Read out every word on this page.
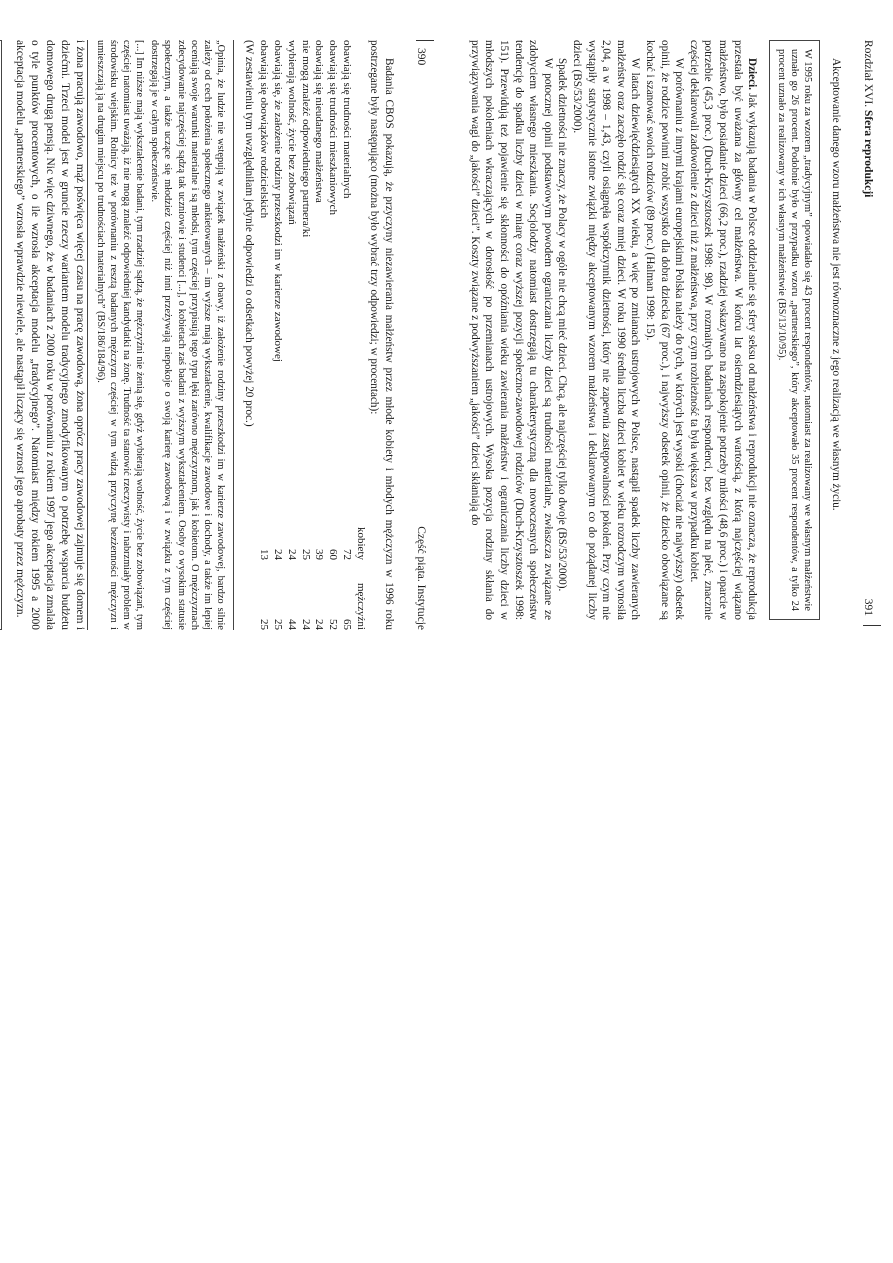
390
Część piąta. Instytucje

Badania CBOS pokazują, że przyczyny niezawierania małżeństw przez młode kobiety i młodych mężczyzn w 1996 roku postrzegane były następująco (można było wybrać trzy odpowiedzi; w procentach):

	kobiety	mężczyźni
obawiają się trudności materialnych	72	65
obawiają się trudności mieszkaniowych	60	52
obawiają się nieudanego małżeństwa	39	24
nie mogą znaleźć odpowiedniego partnera/ki	25	24
wybierają wolność, życie bez zobowiązań	24	44
obawiają się, że założenie rodziny przeszkodzi im w karierze zawodowej	24	25
obawiają się obowiązków rodzicielskich	13	25

(W zestawieniu tym uwzględniłam jedynie odpowiedzi o odsetkach powyżej 20 proc.)

„Opinia, że ludzie nie wstępują w związek małżeński z obawy, iż założenie rodziny przeszkodzi im w karierze zawodowej, bardzo silnie zależy od cech położenia społecznego ankietowanych – im wyższe mają wykształcenie, kwalifikacje zawodowe i dochody, a także im lepiej oceniają swoje warunki materialne i są młodsi, tym częściej przypisują tego typu lęki zarówno mężczyznom, jak i kobietom. O mężczyznach zdecydowanie najczęściej sądzą tak uczniowie i studenci [...], o kobietach zaś badani z wyższym wykształceniem. Osoby o wysokim statusie społecznym, a także uczące się młodzież częściej niż inni przeżywają niepokoje o swoją karierę zawodową i w związku z tym częściej dostrzegają je w całym społeczeństwie.

[...] Im niższe mają wykształcenie badani, tym rzadziej sądzą, że mężczyźni nie żenią się, gdyż wybierają wolność, życie bez zobowiązań, tym częściej natomiast uważają, iż nie mogą znaleźć odpowiedniej kandydatki na żonę. Trudność ta stanowić rzeczywisty i nabrzmiały problem w środowisku wiejskim. Rolnicy też w porównaniu z resztą badanych mężczyzn częściej w tym widzą przyczynę bezżenności mężczyzn i umieszczają ją na drugim miejscu po trudnościach materialnych” (BS/186/184/96).

i żona pracują zawodowo, mąż poświęca więcej czasu na pracę zawodową, żona oprócz pracy zawodowej zajmuje się domem i dziećmi. Trzeci model jest w gruncie rzeczy wariantem modelu tradycyjnego zmodyfikowanym o potrzebę wsparcia budżetu domowego drugą pensją. Nic więc dziwnego, że w badaniach z 2000 roku w porównaniu z rokiem 1997 jego akceptacja zmalała o tyle punktów procentowych, o ile wzrosła akceptacja modelu „tradycyjnego”. Natomiast między rokiem 1995 a 2000 akceptacja modelu „partnerskiego” wzrosła wprawdzie niewiele, ale nastąpił liczący się wzrost jego aprobaty przez mężczyzn.

			Rozdział XVI. Sfera reprodukcji
391

Akceptowanie danego wzoru małżeństwa nie jest równoznaczne z jego realizacją we własnym życiu.

W 1995 roku za wzorem „tradycyjnym” opowiadało się 43 procent respondentów, natomiast za realizowany we własnym małżeństwie uznało go 26 procent. Podobnie było w przypadku wzoru „partnerskiego”, który akceptowało 35 procent respondentów, a tylko 24 procent uznało za realizowany w ich własnym małżeństwie (BS/13/10/95).

Dzieci. Jak wykazują badania w Polsce oddzielanie się sfery seksu od małżeństwa i reprodukcji nie oznacza, że reprodukcja przestała być uważana za główny cel małżeństwa. W końcu lat osiemdziesiątych wartością, z którą najczęściej wiązano małżeństwo, było posiadanie dzieci (66,2 proc.), rzadziej wskazywano na zaspokojenie potrzeby miłości (48,6 proc.) i oparcie w potrzebie (45,3 proc.) (Duch-Krzysztoszek 1998: 98). W rozmaitych badaniach respondenci, bez względu na płeć, znacznie częściej deklarowali zadowolenie z dzieci niż z małżeństwa, przy czym rozbieżność ta była większa w przypadku kobiet.

W porównaniu z innymi krajami europejskimi Polska należy do tych, w których jest wysoki (chociaż nie najwyższy) odsetek opinii, że rodzice powinni zrobić wszystko dla dobra dziecka (67 proc.), i najwyższy odsetek opinii, że dziecko obowiązane są kochać i szanować swoich rodziców (89 proc.) (Halman 1999: 15).

W latach dziewięćdziesiątych XX wieku, a więc po zmianach ustrojowych w Polsce, nastąpił spadek liczby zawieranych małżeństw oraz zaczęło rodzić się coraz mniej dzieci. W roku 1990 średnia liczba dzieci kobiet w wieku rozrodczym wynosiła 2,04, a w 1998 – 1,43, czyli osiągnęła współczynnik dzietności, który nie zapewnia zastępowalności pokoleń. Przy czym nie wystąpiły statystycznie istotne związki między akceptowanym wzorem małżeństwa i deklarowanym co do pożądanej liczby dzieci (BS/53/2000).

Spadek dzietności nie znaczy, że Polacy w ogóle nie chcą mieć dzieci. Chcą, ale najczęściej tylko dwoje (BS/53/2000).

W potocznej opinii podstawowym powodem ograniczania liczby dzieci są trudności materialne, zwłaszcza związane ze zdobyciem własnego mieszkania. Socjolodzy natomiast dostrzegają tu charakterystyczną dla nowoczesnych społeczeństw tendencję do spadku liczby dzieci w miarę coraz wyższej pozycji społeczno-zawodowej rodziców (Duch-Krzysztoszek 1998: 151). Przewidują też pojawienie się skłonności do opóźniania wieku zawierania małżeństw i ograniczania liczby dzieci w młodszych pokoleniach wkraczających w dorosłość po przemianach ustrojowych. Wysoka pozycja rodziny skłania do przywiązywania wagi do „jakości” dzieci”. Koszty związane z podwyższaniem „jakości” dzieci skłaniają do
